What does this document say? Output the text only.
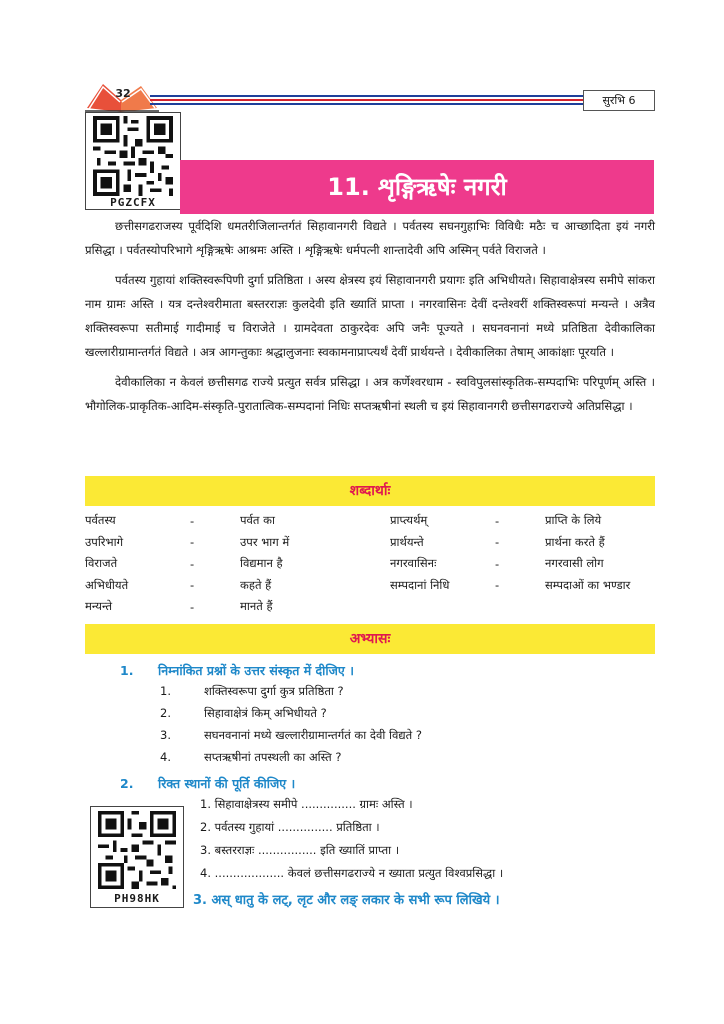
32
सुरभि 6
PGZCFX
11. शृङ्गिऋषेः नगरी

छत्तीसगढराजस्य पूर्वदिशि धमतरीजिलान्तर्गतं सिहावानगरी विद्यते । पर्वतस्य सघनगुहाभिः विविधैः मठैः च आच्छादिता इयं नगरी प्रसिद्धा । पर्वतस्योपरिभागे शृङ्गिऋषेः आश्रमः अस्ति । शृङ्गिऋषेः धर्मपत्नी शान्तादेवी अपि अस्मिन् पर्वते विराजते ।

पर्वतस्य गुहायां शक्तिस्वरूपिणी दुर्गा प्रतिष्ठिता । अस्य क्षेत्रस्य इयं सिहावानगरी प्रयागः इति अभिधीयते। सिहावाक्षेत्रस्य समीपे सांकरा नाम ग्रामः अस्ति । यत्र दन्तेश्वरीमाता बस्तरराज्ञः कुलदेवी इति ख्यातिं प्राप्ता । नगरवासिनः देवीं दन्तेश्वरीं शक्तिस्वरूपां मन्यन्ते । अत्रैव शक्तिस्वरूपा सतीमाई गादीमाई च विराजेते । ग्रामदेवता ठाकुरदेवः अपि जनैः पूज्यते । सघनवनानां मध्ये प्रतिष्ठिता देवीकालिका खल्लारीग्रामान्तर्गतं विद्यते । अत्र आगन्तुकाः श्रद्धालुजनाः स्वकामनाप्राप्त्यर्थं देवीं प्रार्थयन्ते । देवीकालिका तेषाम् आकांक्षाः पूरयति ।

देवीकालिका न केवलं छत्तीसगढ राज्ये प्रत्युत सर्वत्र प्रसिद्धा । अत्र कर्णेश्वरधाम - स्वविपुलसांस्कृतिक-सम्पदाभिः परिपूर्णम् अस्ति । भौगोलिक-प्राकृतिक-आदिम-संस्कृति-पुरातात्विक-सम्पदानां निधिः सप्तऋषीनां स्थली च इयं सिहावानगरी छत्तीसगढराज्ये अतिप्रसिद्धा ।

शब्दार्थाः
पर्वतस्य	-	पर्वत का	प्राप्त्यर्थम्	-	प्राप्ति के लिये
उपरिभागे	-	उपर भाग में	प्रार्थयन्ते	-	प्रार्थना करते हैं
विराजते	-	विद्यमान है	नगरवासिनः	-	नगरवासी लोग
अभिधीयते	-	कहते हैं	सम्पदानां निधि	-	सम्पदाओं का भण्डार
मन्यन्ते	-	मानते हैं			
अभ्यासः
1. निम्नांकित प्रश्नों के उत्तर संस्कृत में दीजिए ।
1.	शक्तिस्वरूपा दुर्गा कुत्र प्रतिष्ठिता ?
2.	सिहावाक्षेत्रं किम् अभिधीयते ?
3.	सघनवनानां मध्ये खल्लारीग्रामान्तर्गतं का देवी विद्यते ?
4.	सप्तऋषीनां तपस्थली का अस्ति ?
2. रिक्त स्थानों की पूर्ति कीजिए ।
PH98HK
1. सिहावाक्षेत्रस्य समीपे ............... ग्रामः अस्ति ।
2. पर्वतस्य गुहायां ............... प्रतिष्ठिता ।
3. बस्तरराज्ञः ................ इति ख्यातिं प्राप्ता ।
4. ................... केवलं छत्तीसगढराज्ये न ख्याता प्रत्युत विश्वप्रसिद्धा ।
3. अस् धातु के लट्, लृट और लङ् लकार के सभी रूप लिखिये ।
